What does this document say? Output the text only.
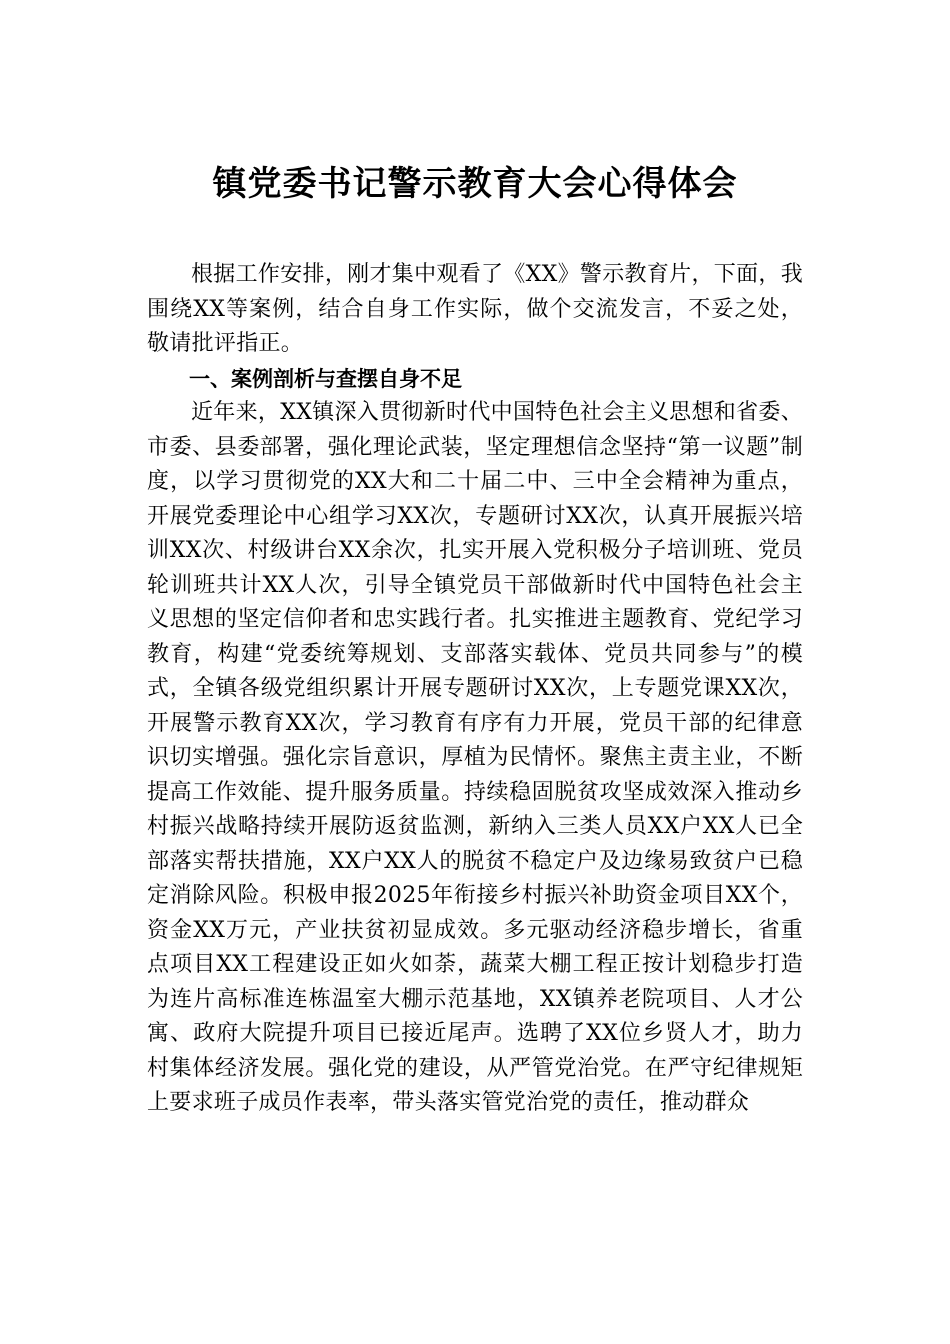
镇党委书记警示教育大会心得体会

根据工作安排，刚才集中观看了《XX》警示教育片，下面，我围绕XX等案例，结合自身工作实际，做个交流发言，不妥之处，敬请批评指正。

一、案例剖析与查摆自身不足

近年来，XX镇深入贯彻新时代中国特色社会主义思想和省委、市委、县委部署，强化理论武装，坚定理想信念坚持“第一议题”制度，以学习贯彻党的XX大和二十届二中、三中全会精神为重点，开展党委理论中心组学习XX次，专题研讨XX次，认真开展振兴培训XX次、村级讲台XX余次，扎实开展入党积极分子培训班、党员轮训班共计XX人次，引导全镇党员干部做新时代中国特色社会主义思想的坚定信仰者和忠实践行者。扎实推进主题教育、党纪学习教育，构建“党委统筹规划、支部落实载体、党员共同参与”的模式，全镇各级党组织累计开展专题研讨XX次，上专题党课XX次，开展警示教育XX次，学习教育有序有力开展，党员干部的纪律意识切实增强。强化宗旨意识，厚植为民情怀。聚焦主责主业，不断提高工作效能、提升服务质量。持续稳固脱贫攻坚成效深入推动乡村振兴战略持续开展防返贫监测，新纳入三类人员XX户XX人已全部落实帮扶措施，XX户XX人的脱贫不稳定户及边缘易致贫户已稳定消除风险。积极申报2025年衔接乡村振兴补助资金项目XX个，资金XX万元，产业扶贫初显成效。多元驱动经济稳步增长，省重点项目XX工程建设正如火如荼，蔬菜大棚工程正按计划稳步打造为连片高标准连栋温室大棚示范基地，XX镇养老院项目、人才公寓、政府大院提升项目已接近尾声。选聘了XX位乡贤人才，助力村集体经济发展。强化党的建设，从严管党治党。在严守纪律规矩上要求班子成员作表率，带头落实管党治党的责任，推动群众
